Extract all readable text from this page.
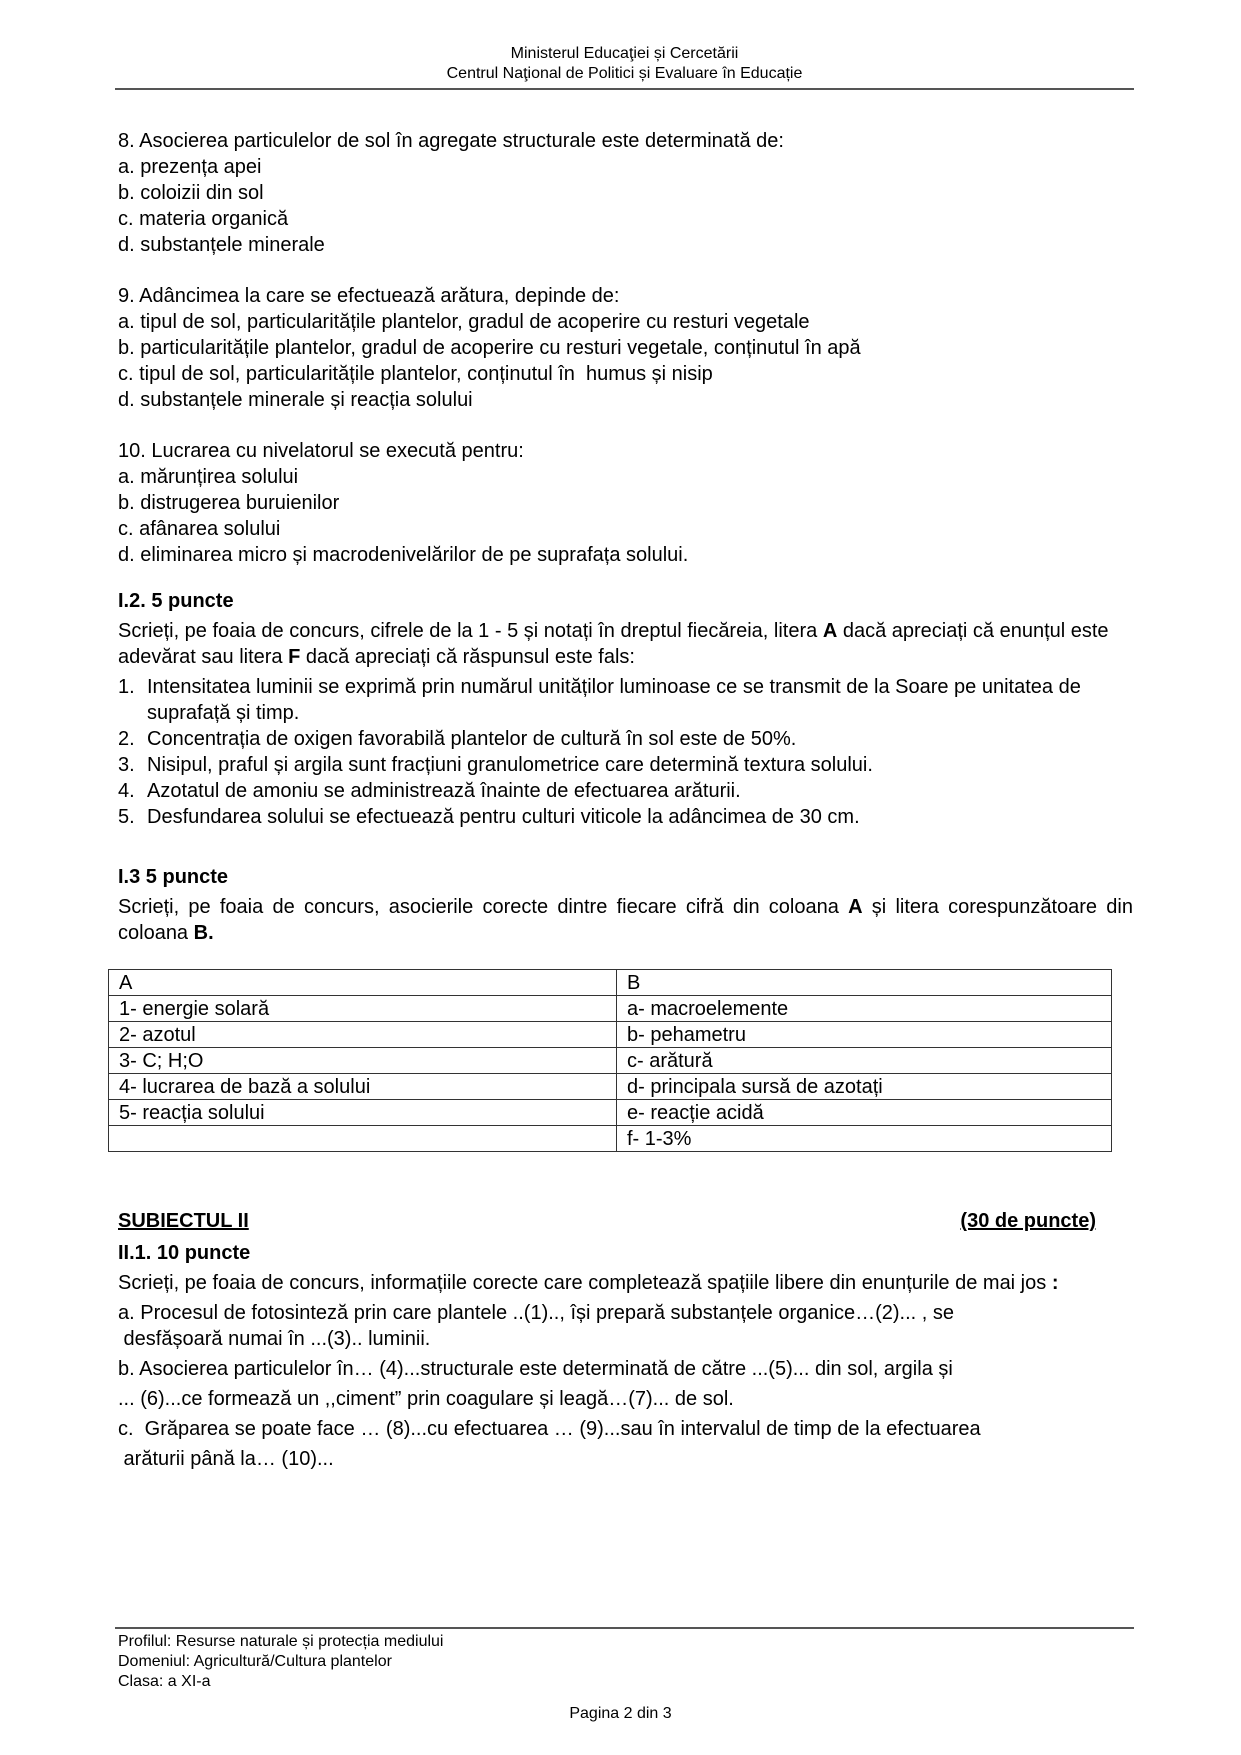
Ministerul Educaţiei și Cercetării
Centrul Naţional de Politici și Evaluare în Educație
8. Asocierea particulelor de sol în agregate structurale este determinată de:
a. prezența apei
b. coloizii din sol
c. materia organică
d. substanțele minerale
9. Adâncimea la care se efectuează arătura, depinde de:
a. tipul de sol, particularitățile plantelor, gradul de acoperire cu resturi vegetale
b. particularitățile plantelor, gradul de acoperire cu resturi vegetale, conținutul în apă
c. tipul de sol, particularitățile plantelor, conținutul în  humus și nisip
d. substanțele minerale și reacția solului
10. Lucrarea cu nivelatorul se execută pentru:
a. mărunțirea solului
b. distrugerea buruienilor
c. afânarea solului
d. eliminarea micro și macrodenivelărilor de pe suprafața solului.
I.2. 5 puncte
Scrieți, pe foaia de concurs, cifrele de la 1 - 5 și notați în dreptul fiecăreia, litera A dacă apreciați că enunțul este adevărat sau litera F dacă apreciați că răspunsul este fals:
1. Intensitatea luminii se exprimă prin numărul unităților luminoase ce se transmit de la Soare pe unitatea de suprafață și timp.
2. Concentrația de oxigen favorabilă plantelor de cultură în sol este de 50%.
3. Nisipul, praful și argila sunt fracțiuni granulometrice care determină textura solului.
4. Azotatul de amoniu se administrează înainte de efectuarea arăturii.
5. Desfundarea solului se efectuează pentru culturi viticole la adâncimea de 30 cm.
I.3 5 puncte
Scrieți, pe foaia de concurs, asocierile corecte dintre fiecare cifră din coloana A și litera corespunzătoare din coloana B.
A	B
1- energie solară	a- macroelemente
2- azotul	b- pehametru
3- C; H;O	c- arătură
4- lucrarea de bază a solului	d- principala sursă de azotați
5- reacția solului	e- reacție acidă
	f- 1-3%
SUBIECTUL II	(30 de puncte)
II.1. 10 puncte
Scrieți, pe foaia de concurs, informațiile corecte care completează spațiile libere din enunțurile de mai jos :
a. Procesul de fotosinteză prin care plantele ..(1).., își prepară substanțele organice…(2)... , se
desfășoară numai în ...(3).. luminii.
b. Asocierea particulelor în… (4)...structurale este determinată de către ...(5)... din sol, argila și
... (6)...ce formează un ,,ciment” prin coagulare și leagă…(7)... de sol.
c.  Grăparea se poate face … (8)...cu efectuarea … (9)...sau în intervalul de timp de la efectuarea
arăturii până la… (10)...
Profilul: Resurse naturale și protecția mediului
Domeniul: Agricultură/Cultura plantelor
Clasa: a XI-a
Pagina 2 din 3
